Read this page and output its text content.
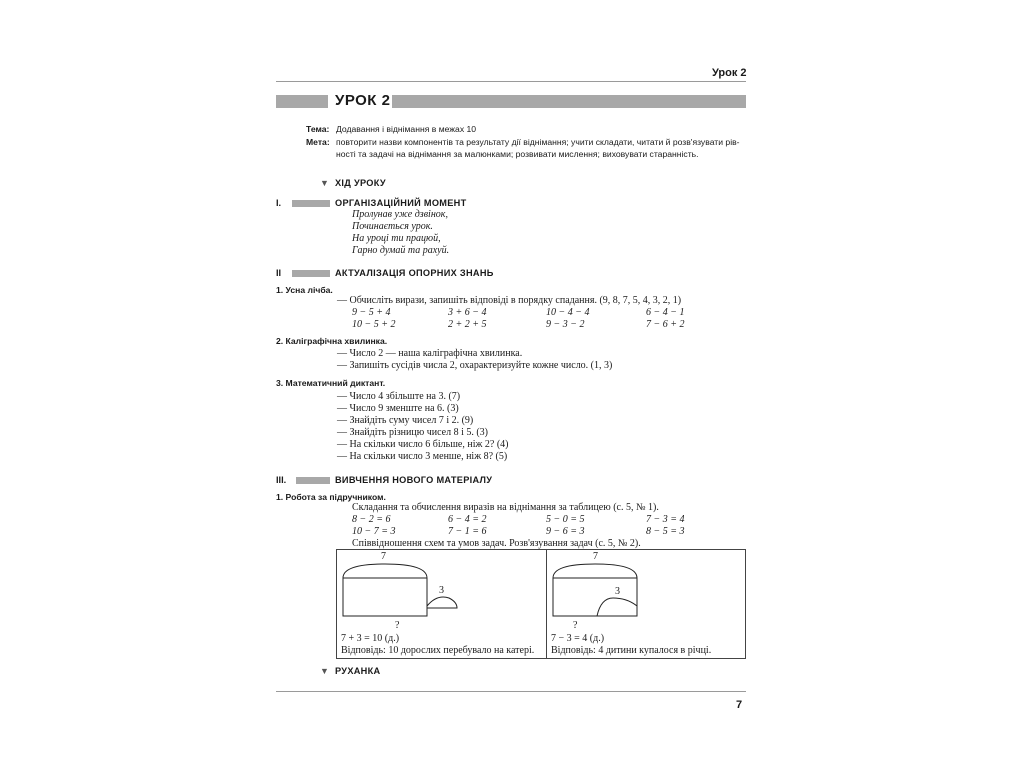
Урок 2
УРОК 2
Тема: Додавання і віднімання в межах 10
Мета: повторити назви компонентів та результату дії віднімання; учити складати, читати й розв'язувати рів-
ності та задачі на віднімання за малюнками; розвивати мислення; виховувати старанність.
▼ ХІД УРОКУ
I.	ОРГАНІЗАЦІЙНИЙ МОМЕНТ
Пролунав уже дзвінок,
Починається урок.
На уроці ти працюй,
Гарно думай та рахуй.
II	АКТУАЛІЗАЦІЯ ОПОРНИХ ЗНАНЬ
1. Усна лічба.
— Обчисліть вирази, запишіть відповіді в порядку спадання. (9, 8, 7, 5, 4, 3, 2, 1)
9 − 5 + 4	3 + 6 − 4	10 − 4 − 4	6 − 4 − 1
10 − 5 + 2	2 + 2 + 5	9 − 3 − 2	7 − 6 + 2
2. Каліграфічна хвилинка.
— Число 2 — наша каліграфічна хвилинка.
— Запишіть сусідів числа 2, охарактеризуйте кожне число. (1, 3)
3. Математичний диктант.
— Число 4 збільште на 3. (7)
— Число 9 зменште на 6. (3)
— Знайдіть суму чисел 7 і 2. (9)
— Знайдіть різницю чисел 8 і 5. (3)
— На скільки число 6 більше, ніж 2? (4)
— На скільки число 3 менше, ніж 8? (5)
III.	ВИВЧЕННЯ НОВОГО МАТЕРІАЛУ
1. Робота за підручником.
Складання та обчислення виразів на віднімання за таблицею (с. 5, № 1).
8 − 2 = 6	6 − 4 = 2	5 − 0 = 5	7 − 3 = 4
10 − 7 = 3	7 − 1 = 6	9 − 6 = 3	8 − 5 = 3
Співвідношення схем та умов задач. Розв'язування задач (с. 5, № 2).
7
3
?
7 + 3 = 10 (д.)
Відповідь: 10 дорослих перебувало на катері.
7
3
?
7 − 3 = 4 (д.)
Відповідь: 4 дитини купалося в річці.
▼ РУХАНКА
7
